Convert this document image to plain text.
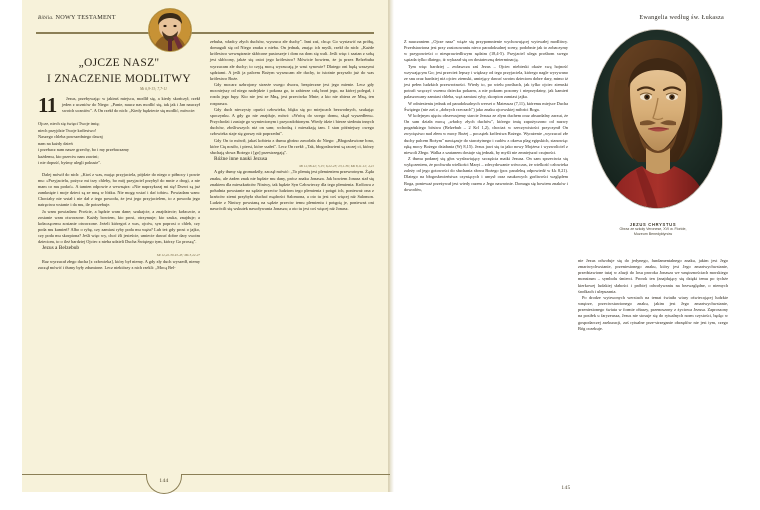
Biblia. NOWY TESTAMENT	Ewangelia według św. Łukasza
„OJCZE NASZ"
I ZNACZENIE MODLITWY
Mt 6,9-13; 7,7-11
11	Jezus, przebywając w jakimś miejscu, modlił się, a kiedy skończył, rzekł jeden z uczniów do Niego: „Panie, naucz nas modlić się, tak jak i Jan nauczył swoich uczniów". A On rzekł do nich: „Kiedy będziecie się modlić, mówcie:

Ojcze, niech się święci Twoje imię;
niech przyjdzie Twoje królestwo!
Naszego chleba powszedniego dawaj
nam na każdy dzień
i przebacz nam nasze grzechy, bo i my przebaczamy
każdemu, kto przeciw nam zawini;
i nie dopuść, byśmy ulegli pokusie".

Dalej mówił do nich: „Ktoś z was, mając przyjaciela, pójdzie do niego o północy i powie mu: »Przyjacielu, pożycz mi trzy chleby, bo mój przyjaciel przybył do mnie z drogi, a nie mam co mu podać«. A tamten odpowie z wewnątrz: »Nie naprzykrzaj mi się! Drzwi są już zamknięte i moje dzieci są ze mną w łóżku. Nie mogę wstać i dać tobie«. Powiadam wam: Chociaby nie wstał i nie dał z tego powodu, że jest jego przyjacielem, to z powodu jego natręctwa wstanie i da mu, ile potrzebuje.

Ja wam powiadam: Proście, a będzie wam dane; szukajcie, a znajdziecie; kołaczcie, a zostanie wam otworzone. Każdy bowiem, kto prosi, otrzymuje; kto szuka, znajduje; a kołaczącemu zostanie otworzone. Jeżeli któregoś z was, ojców, syn poprosi o chleb, czy poda mu kamień? Albo o rybę, czy zamiast ryby poda mu węża? Lub też gdy prosi o jajko, czy poda mu skorpiona? Jeśli więc wy, choć źli jesteście, umiecie dawać dobre dary swoim dzieciom, to o ileż bardziej Ojciec z nieba udzieli Ducha Świętego tym, którzy Go proszą".

Jezus a Belzebub

Mt 12,22-30.43-45; Mk 3,22-27

Raz wyrzucał złego ducha [z człowieka], który był niemy. A gdy zły duch wyszedł, niemy zaczął mówić i tłumy były zdumione. Lecz niektórzy z nich rzekli: „Mocą Bel-

zebuba, władcy złych duchów, wyrzuca złe duchy". Inni zaś, chcąc Go wystawić na próbę, domagali się od Niego znaku z nieba. On jednak, znając ich myśli, rzekł do nich: „Każde królestwo wewnętrznie skłócone pustoszeje i dom na dom się wali. Jeśli więc i szatan z sobą jest skłócony, jakże się ostoi jego królestwo? Mówicie bowiem, że ja przez Belzebuba wyrzucam złe duchy; to czyją mocą wyrzucają je wasi synowie? Dlatego oni będą waszymi sędziami. A jeśli ja palcem Bożym wyrzucam złe duchy, to istotnie przyszło już do was królestwo Boże.

Gdy mocarz uzbrojony strzeże swego dworu, bezpieczne jest jego mienie. Lecz gdy mocniejszy od niego nadejdzie i pokona go, to zabierze całą broń jego, na której polegał, i rozda jego łupy. Kto nie jest ze Mną, jest przeciwko Mnie; a kto nie zbiera ze Mną, ten rozprasza.

Gdy duch nieczysty opuści człowieka, błąka się po miejscach bezwodnych, szukając spoczynku. A gdy go nie znajduje, mówi: »Wrócę do swego domu, skąd wyszedłem«. Przychodzi i zastaje go wymiecionym i przyozdobionym. Wtedy idzie i bierze siedmiu innych duchów, złośliwszych niż on sam; wchodzą i mieszkają tam. I stan późniejszy owego człowieka staje się gorszy niż poprzedni".

Gdy On to mówił, jakaś kobieta z tłumu głośno zawołała do Niego: „Błogosławione łono, które Cię nosiło, i piersi, które ssałeś". Lecz On rzekł: „Tak, błogosławieni są raczej ci, którzy słuchają słowa Bożego i [go] przestrzegają".

Różne inne nauki Jezusa

Mt 12,38-42; 5,15; 6,22-23; 23,1-36; Mk 8,11-12; 4,21

A gdy tłumy się gromadziły, zaczął mówić: „To plemię jest plemieniem przewrotnym. Żąda znaku, ale żaden znak nie będzie mu dany, prócz znaku Jonasza. Jak bowiem Jonasz stał się znakiem dla mieszkańców Niniwy, tak będzie Syn Człowieczy dla tego plemienia. Królowa z południa powstanie na sądzie przeciw ludziom tego plemienia i potępi ich, ponieważ ona z krańców ziemi przybyła słuchać mądrości Salomona, a oto tu jest coś więcej niż Salomon. Ludzie z Niniwy powstaną na sądzie przeciw temu plemieniu i potępią je, ponieważ oni nawrócili się wskutek nawoływania Jonasza; a oto tu jest coś więcej niż Jonasz.

Z nauczaniem „Ojcze nasz" wiąże się przypomnienie wychowującej wytrwałej modlitwy. Przedstawiona jest przy zastosowaniu nieco paradoksalnej sceny, podobnie jak to zobaczymy w przypowieści o niesprawiedliwym sędzim (18,4-5). Przyjaciel ulega prośbom swego sąsiada tylko dlatego, iż wykazał się on dostateczną determinacją.

Tym więc bardziej – zwłaszcza zaś Jezus – Ojciec niebieski okaże swą hojność wzywającym Go; jest przecież lepszy i większy od tego przyjaciela, którego nagle wyrywano ze snu oraz bardziej niż ojciec ziemski, umiejący dawać swoim dzieciom dobre dary, mimo iż jest pełen ludzkich przewrotności. Wtedy to, po wielu prośbach, jak tylko ojciec ziemski potrafi wręczyć swemu dziecku pokarm, a nie pokarm pozorny i nieprzydatny, jak kamień palaszowany zamiast chleba, wąż zamiast ryby, skorpion zamiast jajka.

W odniesieniu jednak od paradoksalnych werset o Mateusza (7,11), któremu miejsce Ducha Świętego (nie zaś o „dobrych rzeczach") jako znaku ojcowskiej miłości Boga.

W kolejnym ujęciu obserwujemy starcie Jezusa ze złym duchem oraz absurdalny zarzut, że On sam działa mocą „władcy złych duchów", którego imię zapożyczono od nazwy pogańskiego bóstwa (Belzebub – 2 Krl 1,2), chociaż w rzeczywistości przyczynił On zwycięstwo nad złem w mocy Bożej – początek królestwa Bożego. Wyrażenie „wyrzucać złe duchy palcem Bożym" nawiązuje do starożytnego i cudów z okresu plag egipskich, stanowiąc ręką mocy Bożego działania (Wj 8,15). Jezus jawi się tu jako nowy Mojżesz i wyzwoliciel z niewoli Złego. Walka z szatanem dostaje się jednak, by myśli nie zmniejszać czujności.

Z tłumu podanej się głos wysławiający szczęścia matki Jezusa. On sam sprzeciwia się wyłączeniem, że pochwała wielkości Maryi – zdecydowanie wówczas, że wielkość człowieka zależy od jego gotowości do słuchania słowa Bożego (por. paralelną odpowiedź w Łk 8,21). Dlatego na błogosławieństwa czyniących i umysł oraz naukowych gorliwości względem Boga, ponieważ przeżywał jest wtedy razem z Jego nawrotnie. Domaga się bowiem znaków i dowodów,

JEZUS CHRYSTUS
Obraz ze szkoły Veronese, XVI w. Floride,
Muzeum Benedyktynów

nie Jezus odwołuje się do jedynego, fundamentalnego znaku, jakim jest Jego zmartwychwstanie, przeniesionego znaku, który jest Jego zmartwychwstanie, przedstawione tutaj w aluzji do losu proroka Jonasza we wnętrznościach morskiego monstrum – symbolu śmierci. Prorok ten (znajdujący się dzięki temu po tychże kierkowej ludzkiej słabości i próbie) odwoływaniu na bezwzględne, o niemych środkach i ulepszania.

Po drodze wytrwonych werstach na temat światła wiary oświecającej ludzkie wnętrze, przeciwstawionego znaku, jakim jest Jego zmartwychwstanie, przeniesionego świata w formie ołtarzy, przenoszony z życiowa Jezusa. Zaproszony na posiłek u faryzeusza, Jezus nie stosuje się do rytualnych norm czystości, będąc w gospodarczej asekuracji, zaś rytualne prze-strzeganie obrzędów nie jest tym, czego Bóg oczekuje.

144
145
